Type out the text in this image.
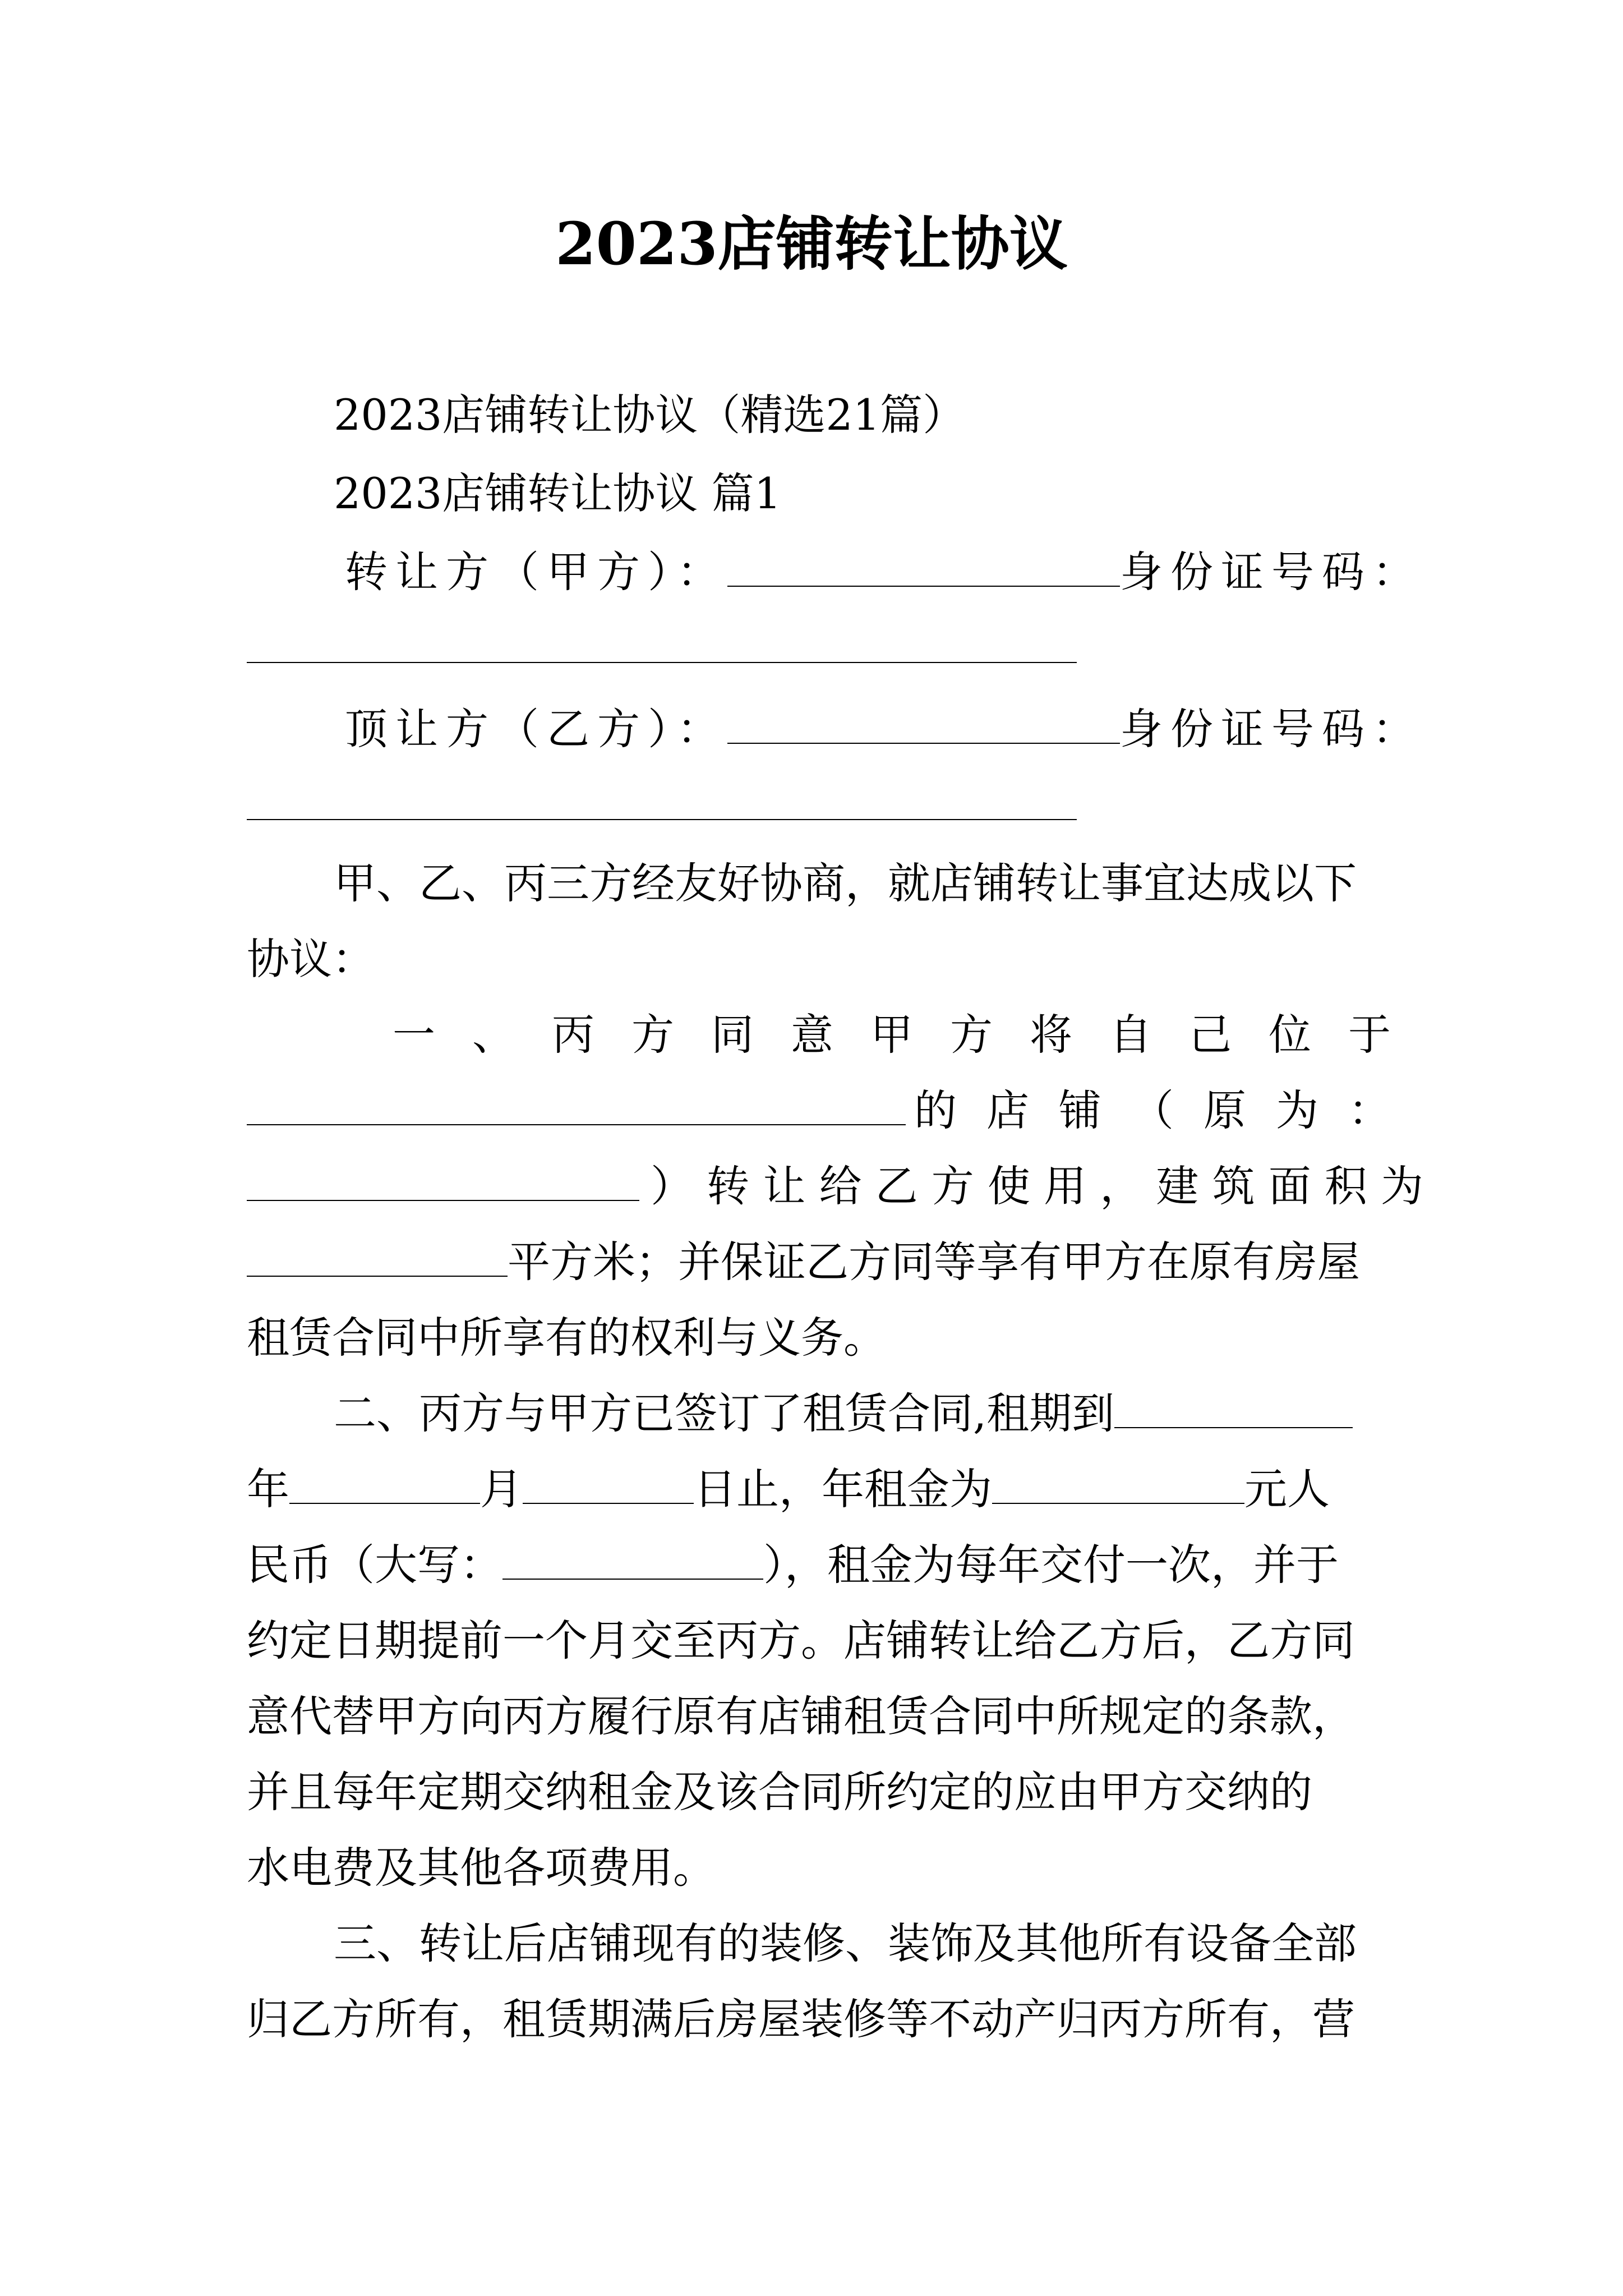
2023店铺转让协议
2023店铺转让协议（精选21篇）
2023店铺转让协议 篇1
转让方（甲方）：	身份证号码：
顶让方（乙方）：	身份证号码：
甲、乙、丙三方经友好协商，就店铺转让事宜达成以下
协议：
一 、 丙 方 同 意 甲 方 将 自 己 位 于
的 店 铺 （ 原 为 ：
） 转 让 给 乙 方 使 用 ， 建 筑 面 积 为
平方米；并保证乙方同等享有甲方在原有房屋
租赁合同中所享有的权利与义务。
二、丙方与甲方已签订了租赁合同,租期到
年	月	日止，年租金为	元人
民币（大写：	），租金为每年交付一次，并于
约定日期提前一个月交至丙方。店铺转让给乙方后，乙方同
意代替甲方向丙方履行原有店铺租赁合同中所规定的条款，
并且每年定期交纳租金及该合同所约定的应由甲方交纳的
水电费及其他各项费用。
三、转让后店铺现有的装修、装饰及其他所有设备全部
归乙方所有，租赁期满后房屋装修等不动产归丙方所有，营
